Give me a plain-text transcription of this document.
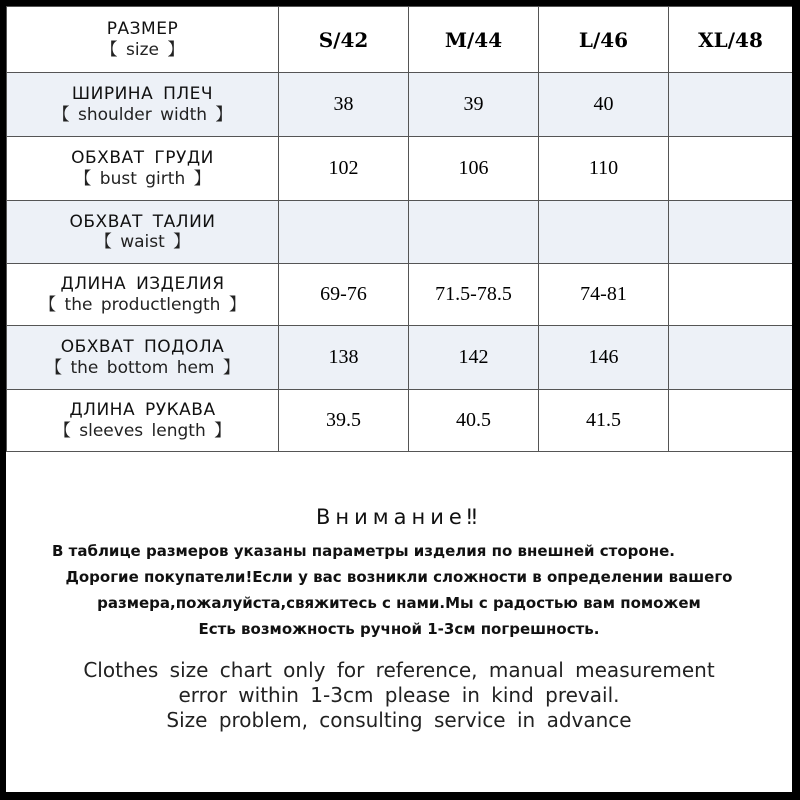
РАЗМЕР
【 size 】	S/42	M/44	L/46	XL/48

ШИРИНА ПЛЕЧ
【 shoulder width 】	38	39	40	

ОБХВАТ ГРУДИ
【 bust girth 】	102	106	110	

ОБХВАТ ТАЛИИ
【 waist 】				

ДЛИНА ИЗДЕЛИЯ
【 the productlength 】	69-76	71.5-78.5	74-81	

ОБХВАТ ПОДОЛА
【 the bottom hem 】	138	142	146	

ДЛИНА РУКАВА
【 sleeves length 】	39.5	40.5	41.5	
Внимание‼

В таблице размеров указаны параметры изделия по внешней стороне.

Дорогие покупатели!Если у вас возникли сложности в определении вашего

размера,пожалуйста,свяжитесь с нами.Мы с радостью вам поможем

Есть возможность ручной 1-3см погрешность.

Clothes size chart only for reference, manual measurement
error within 1-3cm please in kind prevail.
Size problem, consulting service in advance
